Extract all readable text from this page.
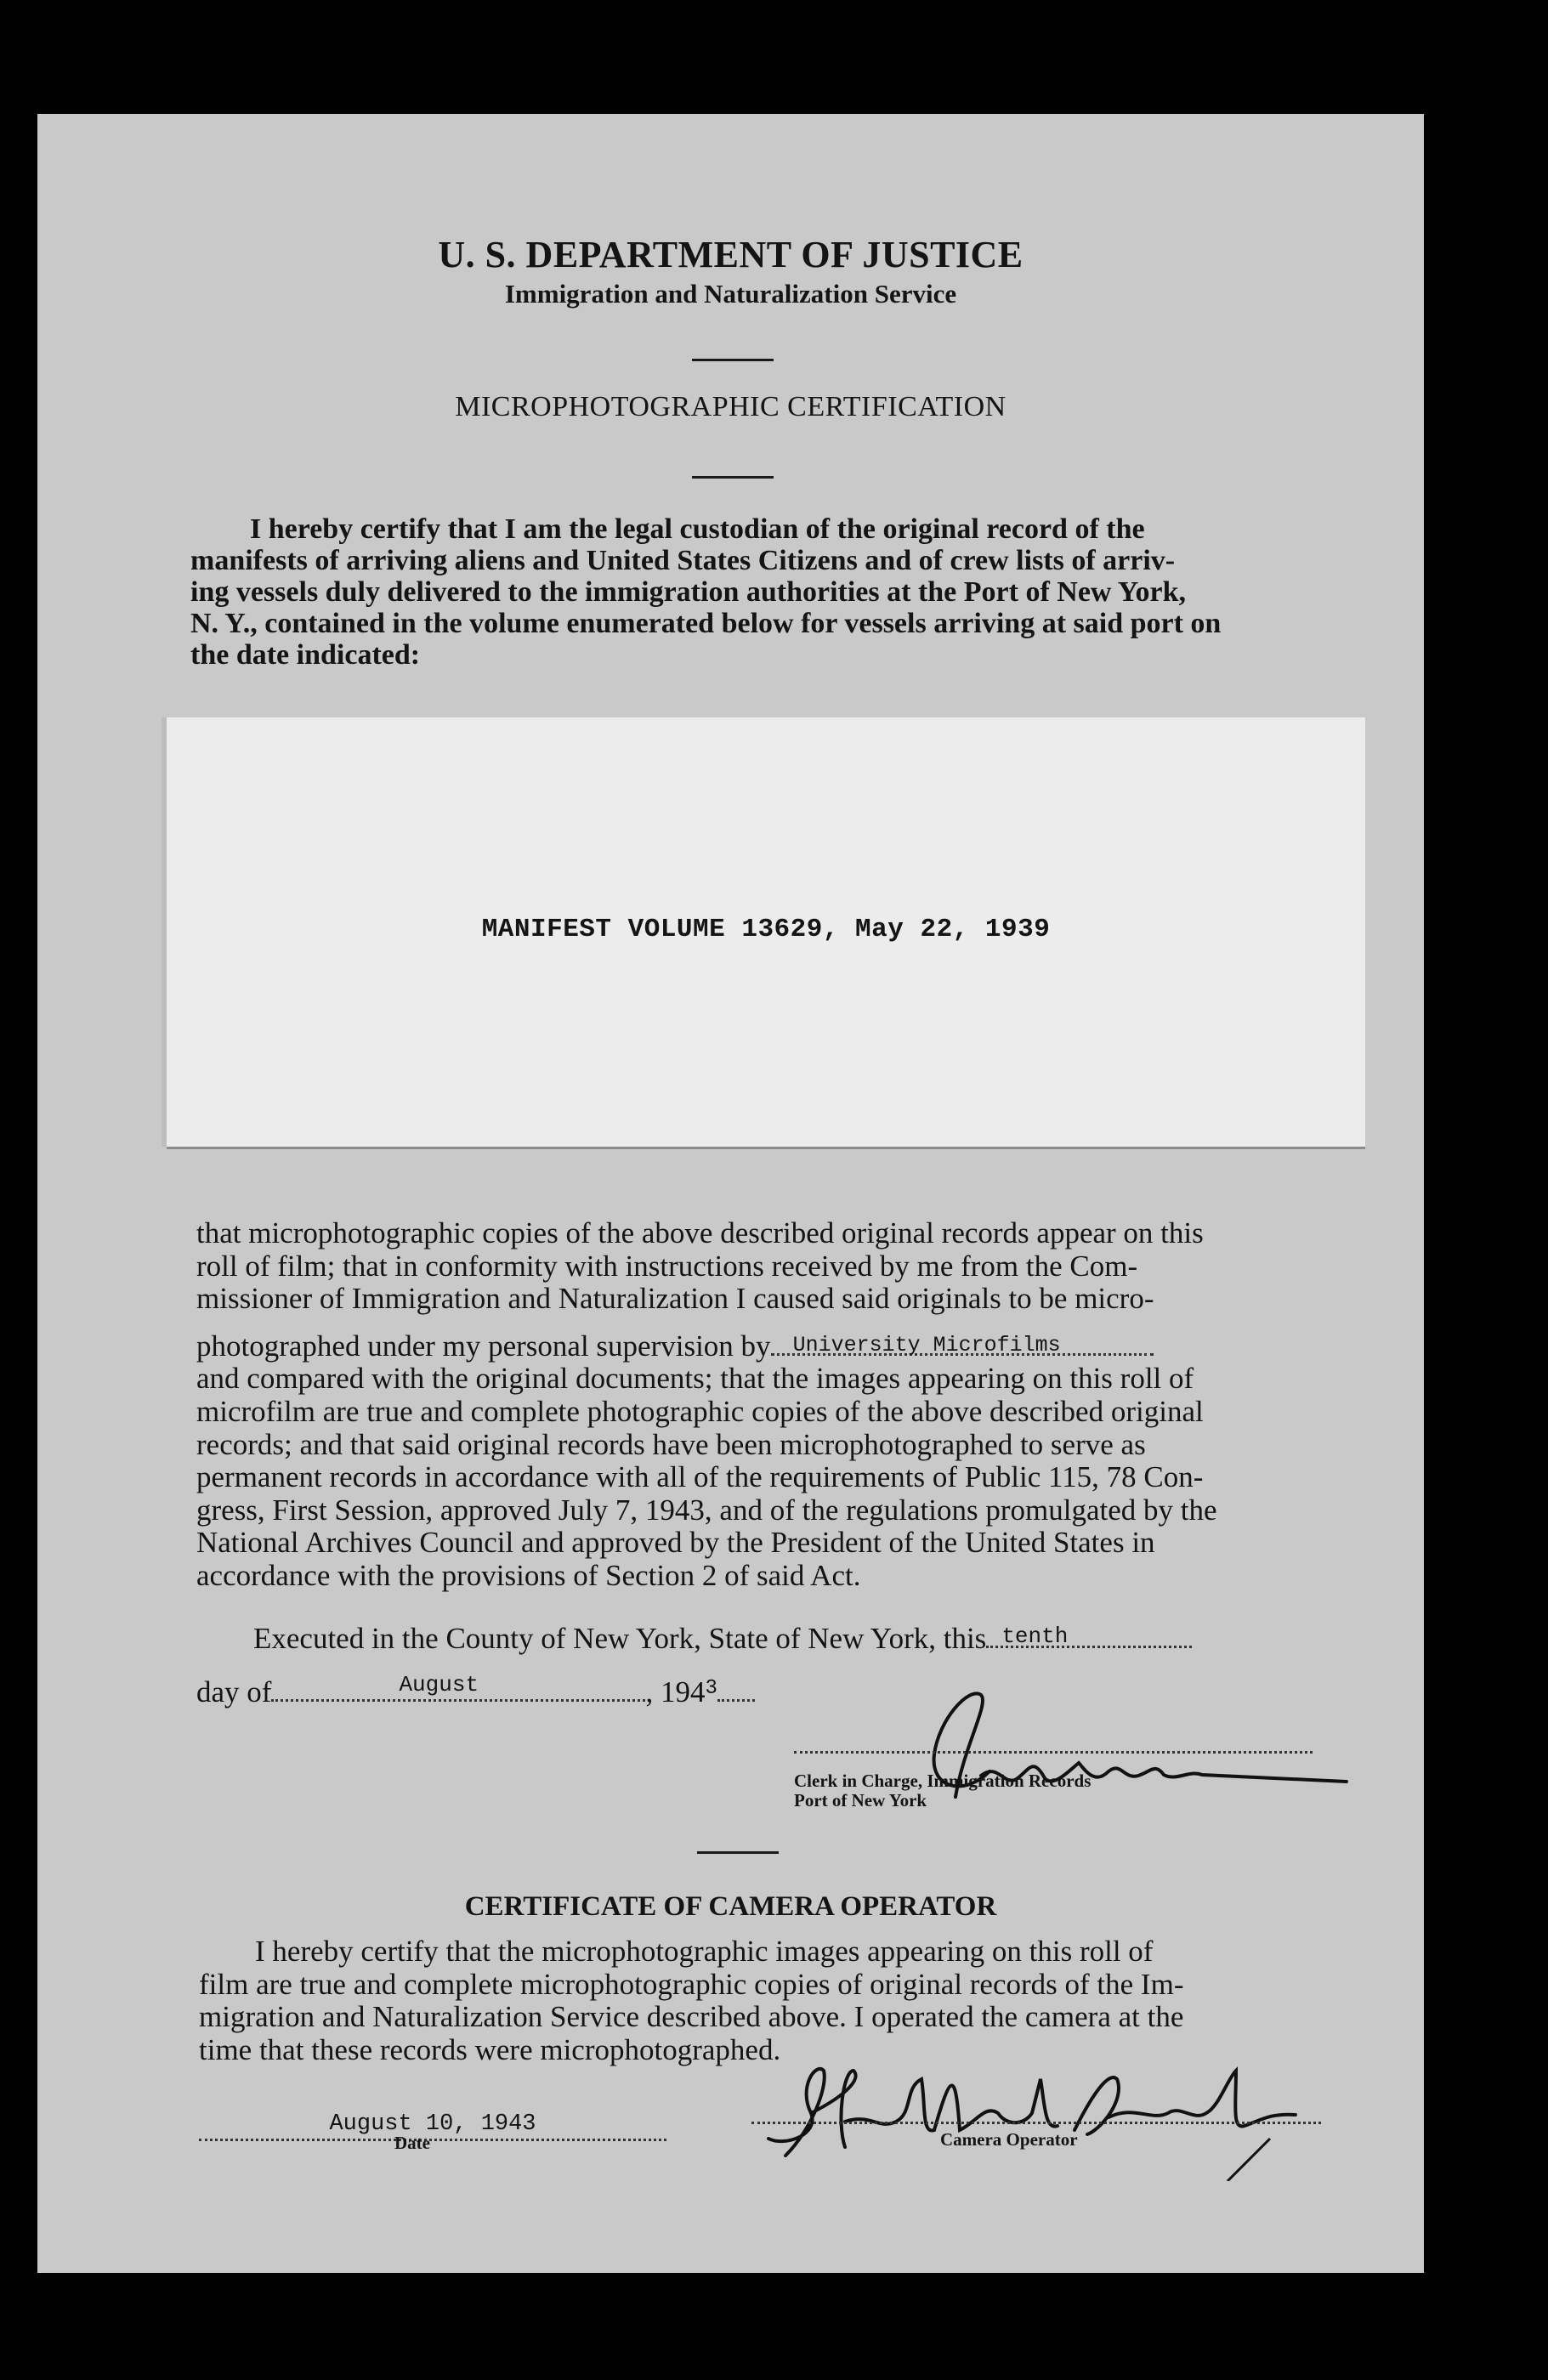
U. S. DEPARTMENT OF JUSTICE
Immigration and Naturalization Service
MICROPHOTOGRAPHIC CERTIFICATION
I hereby certify that I am the legal custodian of the original record of the
manifests of arriving aliens and United States Citizens and of crew lists of arriv-
ing vessels duly delivered to the immigration authorities at the Port of New York,
N. Y., contained in the volume enumerated below for vessels arriving at said port on
the date indicated:
MANIFEST VOLUME 13629, May 22, 1939
that microphotographic copies of the above described original records appear on this
roll of film; that in conformity with instructions received by me from the Com-
missioner of Immigration and Naturalization I caused said originals to be micro-
photographed under my personal supervision by University Microfilms
and compared with the original documents; that the images appearing on this roll of
microfilm are true and complete photographic copies of the above described original
records; and that said original records have been microphotographed to serve as
permanent records in accordance with all of the requirements of Public 115, 78 Con-
gress, First Session, approved July 7, 1943, and of the regulations promulgated by the
National Archives Council and approved by the President of the United States in
accordance with the provisions of Section 2 of said Act.
Executed in the County of New York, State of New York, this tenth
day of	August	, $194^3$
Clerk in Charge, Immigration Records
Port of New York
CERTIFICATE OF CAMERA OPERATOR
I hereby certify that the microphotographic images appearing on this roll of
film are true and complete microphotographic copies of original records of the Im-
migration and Naturalization Service described above. I operated the camera at the
time that these records were microphotographed.
August 10, 1943
Date	Camera Operator
